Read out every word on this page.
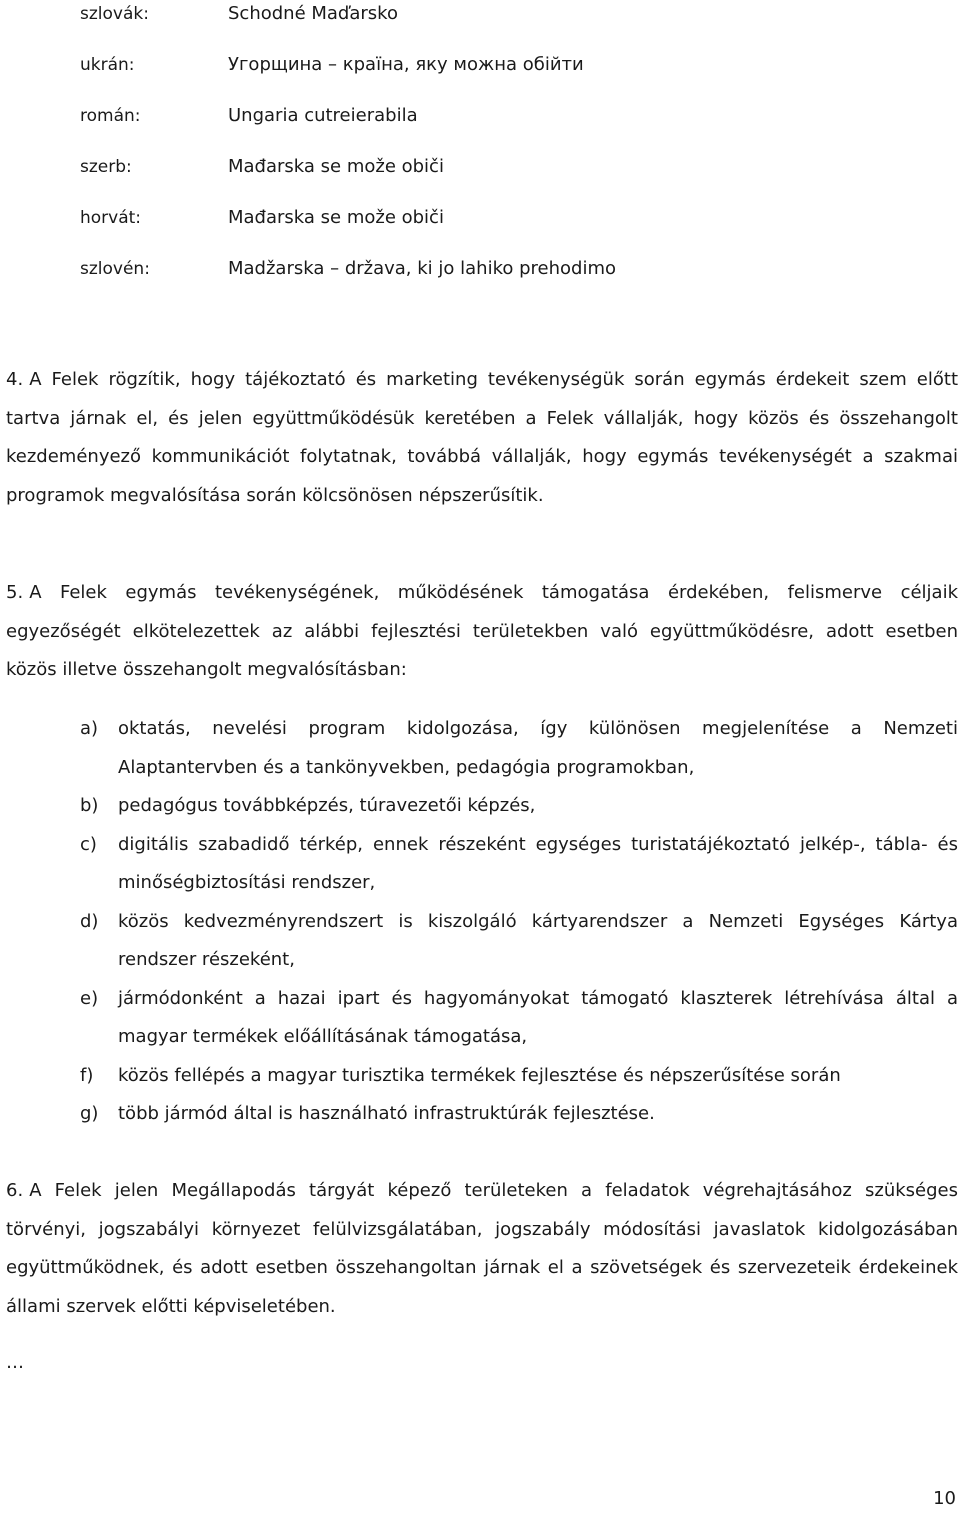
szlovák:	Schodné Maďarsko
ukrán:	Угорщина – країна, яку можна обійти
román:	Ungaria cutreierabila
szerb:	Mađarska se može običi
horvát:	Mađarska se može običi
szlovén:	Madžarska – država, ki jo lahiko prehodimo
4. A Felek rögzítik, hogy tájékoztató és marketing tevékenységük során egymás érdekeit szem előtt tartva járnak el, és jelen együttműködésük keretében a Felek vállalják, hogy közös és összehangolt kezdeményező kommunikációt folytatnak, továbbá vállalják, hogy egymás tevékenységét a szakmai programok megvalósítása során kölcsönösen népszerűsítik.
5. A Felek egymás tevékenységének, működésének támogatása érdekében, felismerve céljaik egyezőségét elkötelezettek az alábbi fejlesztési területekben való együttműködésre, adott esetben közös illetve összehangolt megvalósításban:
a) oktatás, nevelési program kidolgozása, így különösen megjelenítése a Nemzeti Alaptantervben és a tankönyvekben, pedagógia programokban,
b) pedagógus továbbképzés, túravezetői képzés,
c) digitális szabadidő térkép, ennek részeként egységes turistatájékoztató jelkép-, tábla- és minőségbiztosítási rendszer,
d) közös kedvezményrendszert is kiszolgáló kártyarendszer a Nemzeti Egységes Kártya rendszer részeként,
e) jármódonként a hazai ipart és hagyományokat támogató klaszterek létrehívása által a magyar termékek előállításának támogatása,
f) közös fellépés a magyar turisztika termékek fejlesztése és népszerűsítése során
g) több jármód által is használható infrastruktúrák fejlesztése.
6. A Felek jelen Megállapodás tárgyát képező területeken a feladatok végrehajtásához szükséges törvényi, jogszabályi környezet felülvizsgálatában, jogszabály módosítási javaslatok kidolgozásában együttműködnek, és adott esetben összehangoltan járnak el a szövetségek és szervezeteik érdekeinek állami szervek előtti képviseletében.
…
10
